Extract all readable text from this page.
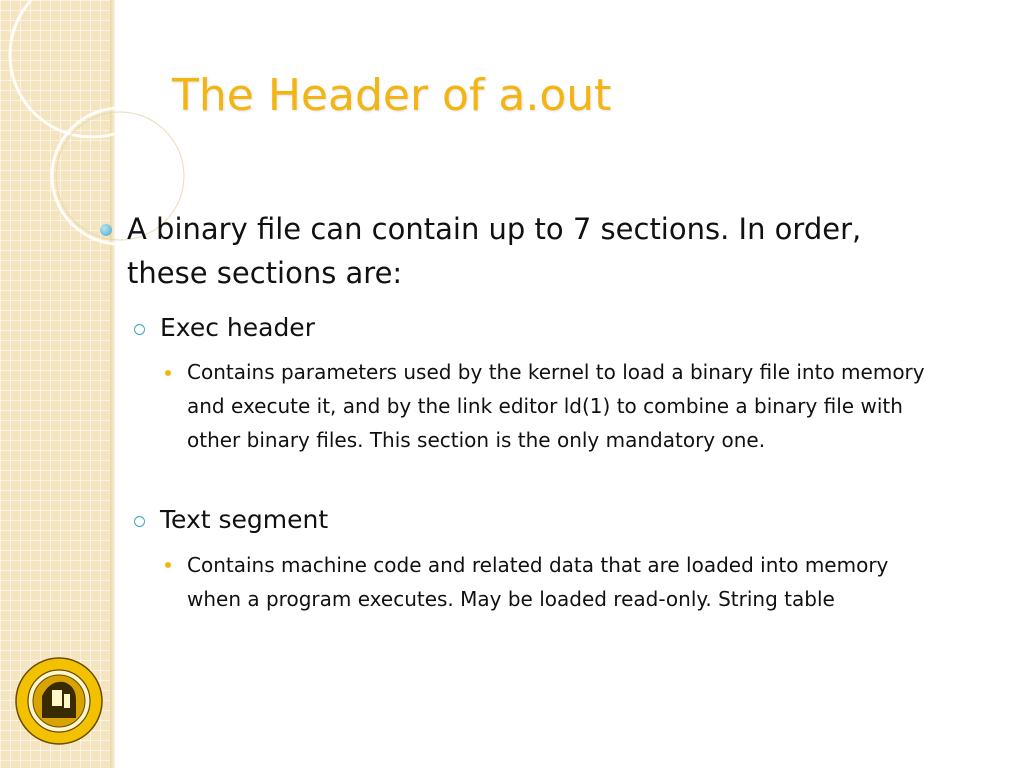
The Header of a.out
A binary file can contain up to 7 sections. In order, these sections are:
Exec header
Contains parameters used by the kernel to load a binary file into memory and execute it, and by the link editor ld(1) to combine a binary file with other binary files. This section is the only mandatory one.
Text segment
Contains machine code and related data that are loaded into memory when a program executes. May be loaded read-only. String table
